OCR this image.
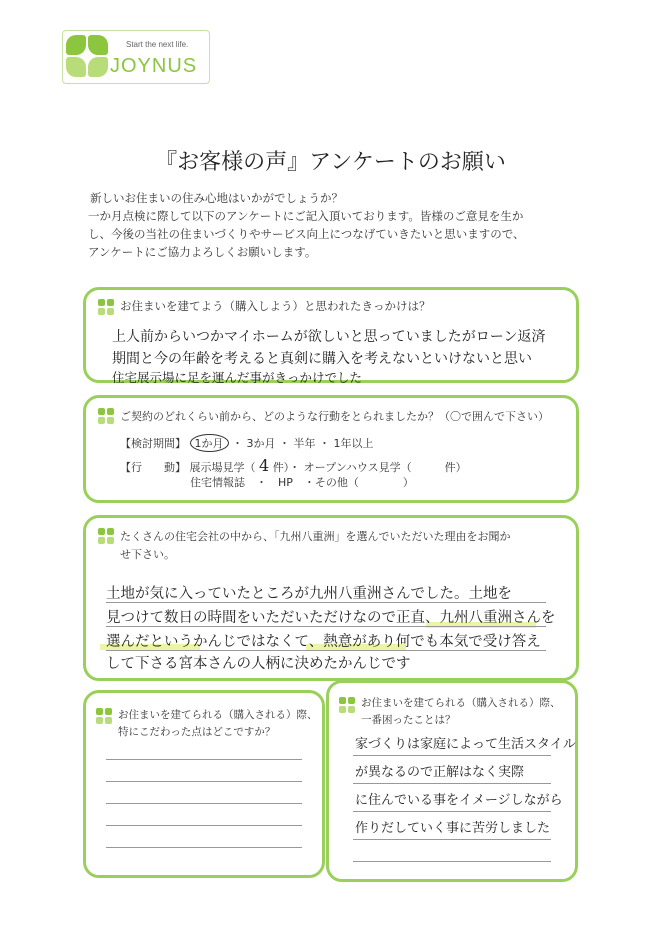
Start the next life.
JOYNUS
『お客様の声』アンケートのお願い

新しいお住まいの住み心地はいかがでしょうか？

一か月点検に際して以下のアンケートにご記入頂いております。皆様のご意見を生か

し、今後の当社の住まいづくりやサービス向上につなげていきたいと思いますので、

アンケートにご協力よろしくお願いします。

お住まいを建てよう（購入しよう）と思われたきっかけは？
上人前からいつかマイホームが欲しいと思っていましたがローン返済
期間と今の年齢を考えると真剣に購入を考えないといけないと思い
住宅展示場に足を運んだ事がきっかけでした
ご契約のどれくらい前から、どのような行動をとられましたか？（〇で囲んで下さい）
【検討期間】 1か月 ・ 3か月 ・ 半年 ・ 1年以上
【行　　動】 展示場見学（ 4 件）・ オープンハウス見学（　　　件）
住宅情報誌　・　HP　・その他（　　　　）
たくさんの住宅会社の中から、「九州八重洲」を選んでいただいた理由をお聞か
せ下さい。
土地が気に入っていたところが九州八重洲さんでした。土地を
見つけて数日の時間をいただいただけなので正直、九州八重洲さんを
選んだというかんじではなくて、熱意があり何でも本気で受け答え
して下さる宮本さんの人柄に決めたかんじです
お住まいを建てられる（購入される）際、
特にこだわった点はどこですか？
お住まいを建てられる（購入される）際、
一番困ったことは？
家づくりは家庭によって生活スタイル
が異なるので正解はなく実際
に住んでいる事をイメージしながら
作りだしていく事に苦労しました
